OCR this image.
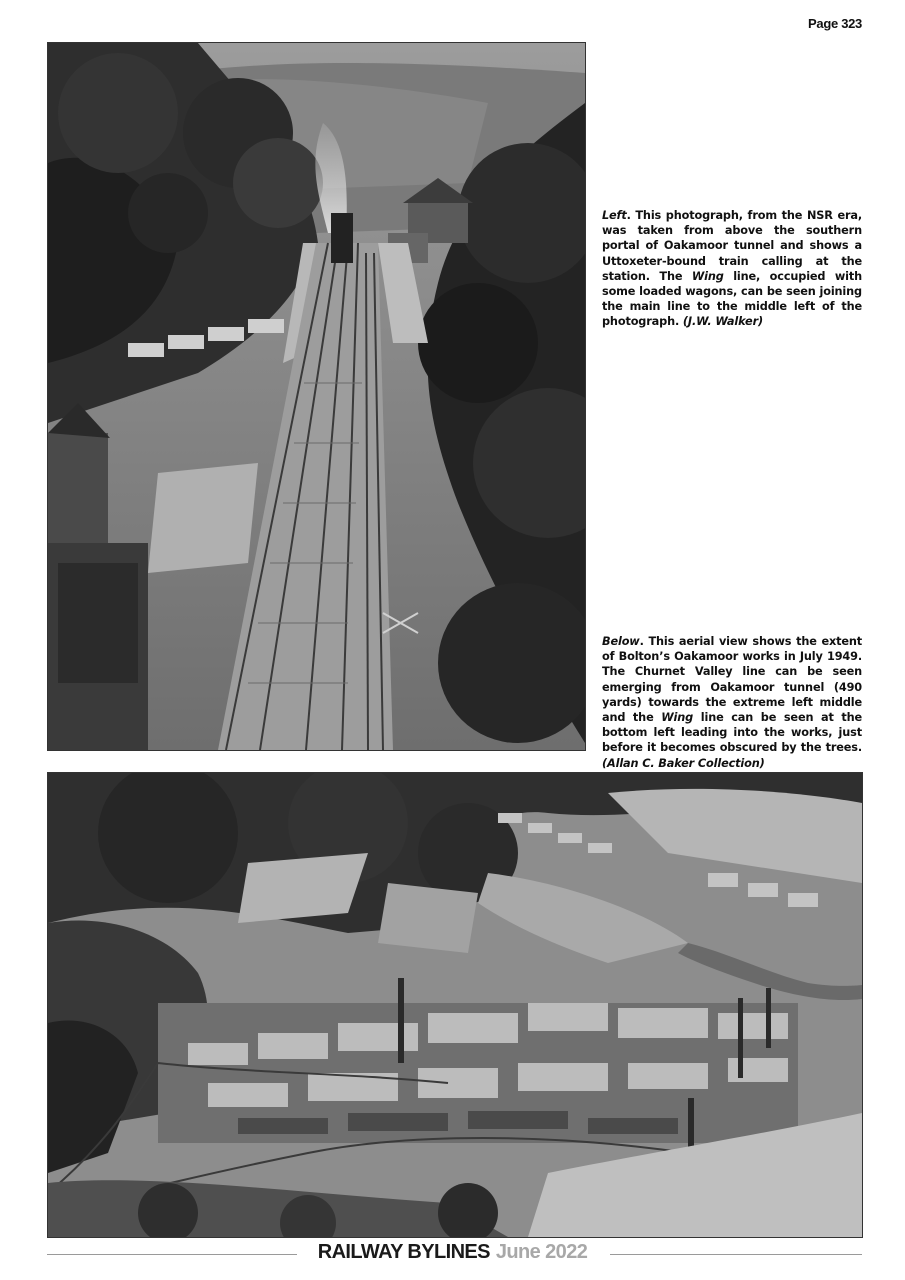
Page 323
Left. This photograph, from the NSR era, was taken from above the southern portal of Oakamoor tunnel and shows a Uttoxeter-bound train calling at the station. The Wing line, occupied with some loaded wagons, can be seen joining the main line to the middle left of the photograph. (J.W. Walker)
Below. This aerial view shows the extent of Bolton’s Oakamoor works in July 1949. The Churnet Valley line can be seen emerging from Oakamoor tunnel (490 yards) towards the extreme left middle and the Wing line can be seen at the bottom left leading into the works, just before it becomes obscured by the trees. (Allan C. Baker Collection)
RAILWAY BYLINES June 2022
